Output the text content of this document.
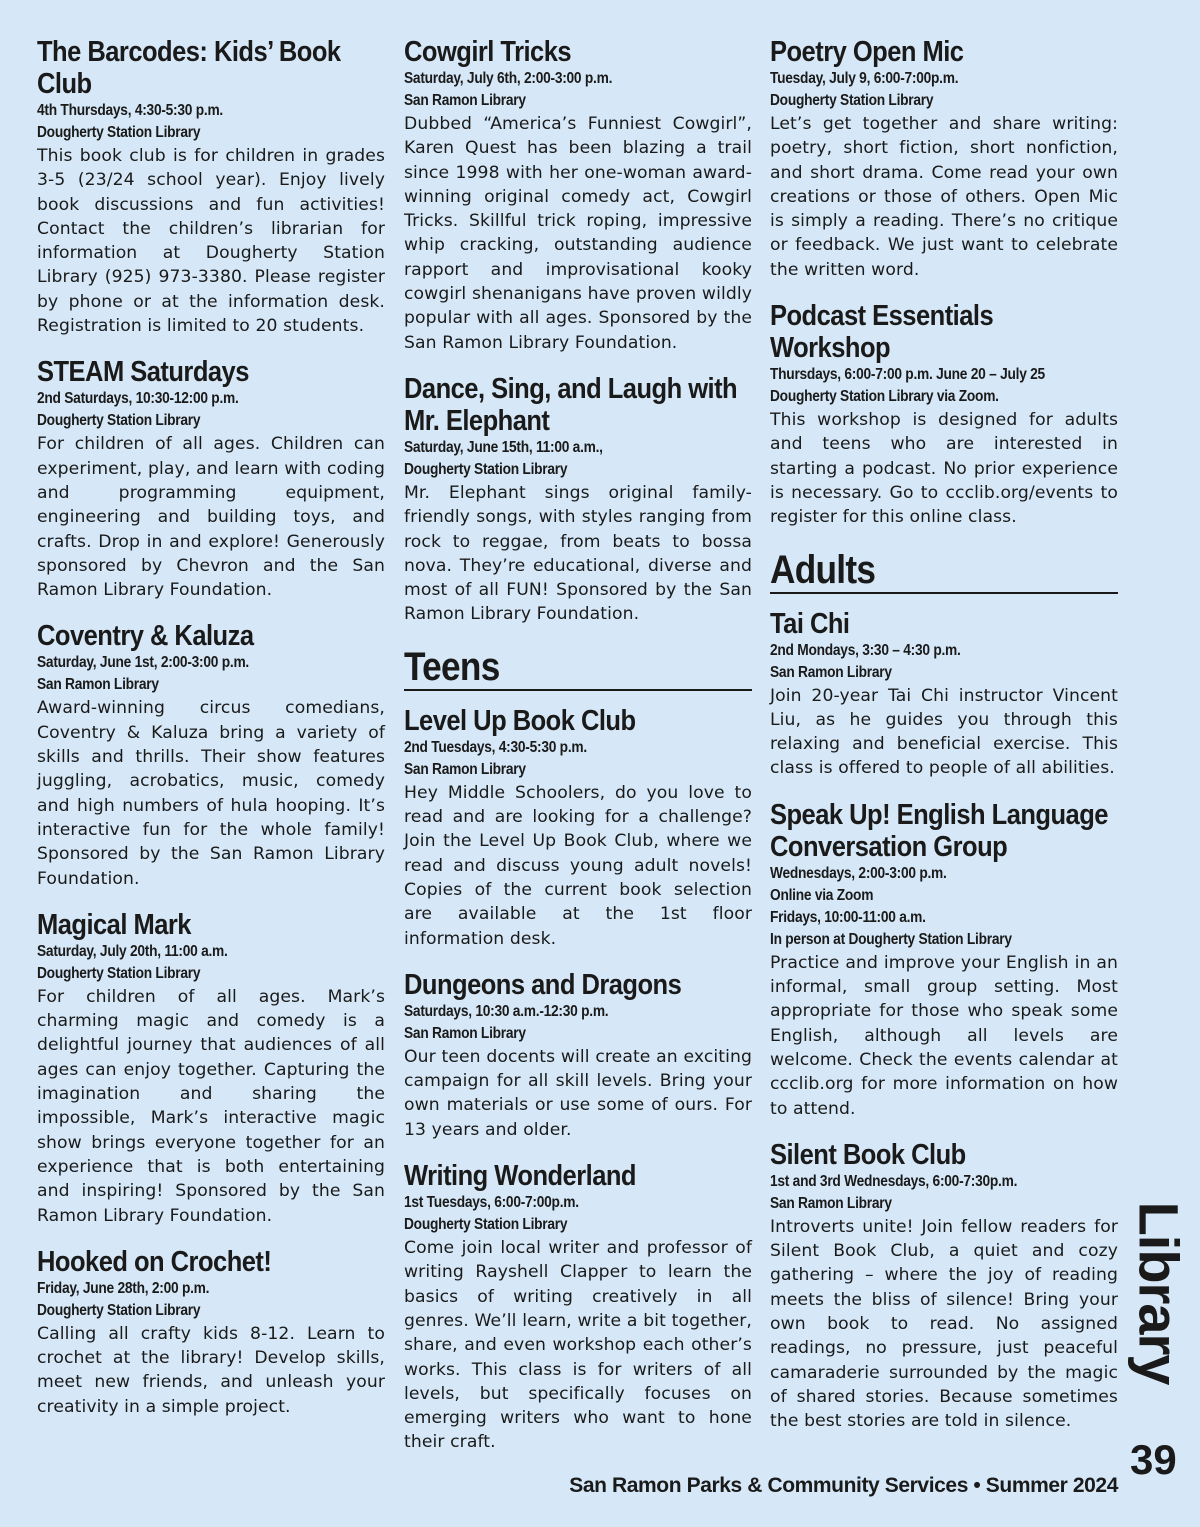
The Barcodes: Kids’ Book Club
4th Thursdays, 4:30-5:30 p.m.
Dougherty Station Library

This book club is for children in grades 3-5 (23/24 school year). Enjoy lively book discussions and fun activities! Contact the children’s librarian for information at Dougherty Station Library (925) 973-3380. Please register by phone or at the information desk. Registration is limited to 20 students.

STEAM Saturdays
2nd Saturdays, 10:30-12:00 p.m.
Dougherty Station Library

For children of all ages. Children can experiment, play, and learn with coding and programming equipment, engineering and building toys, and crafts. Drop in and explore! Generously sponsored by Chevron and the San Ramon Library Foundation.

Coventry & Kaluza
Saturday, June 1st, 2:00-3:00 p.m.
San Ramon Library

Award-winning circus comedians, Coventry & Kaluza bring a variety of skills and thrills. Their show features juggling, acrobatics, music, comedy and high numbers of hula hooping. It’s interactive fun for the whole family! Sponsored by the San Ramon Library Foundation.

Magical Mark
Saturday, July 20th, 11:00 a.m.
Dougherty Station Library

For children of all ages. Mark’s charming magic and comedy is a delightful journey that audiences of all ages can enjoy together. Capturing the imagination and sharing the impossible, Mark’s interactive magic show brings everyone together for an experience that is both entertaining and inspiring! Sponsored by the San Ramon Library Foundation.

Hooked on Crochet!
Friday, June 28th, 2:00 p.m.
Dougherty Station Library

Calling all crafty kids 8-12. Learn to crochet at the library! Develop skills, meet new friends, and unleash your creativity in a simple project.

Cowgirl Tricks
Saturday, July 6th, 2:00-3:00 p.m.
San Ramon Library

Dubbed “America’s Funniest Cowgirl”, Karen Quest has been blazing a trail since 1998 with her one-woman award-winning original comedy act, Cowgirl Tricks. Skillful trick roping, impressive whip cracking, outstanding audience rapport and improvisational kooky cowgirl shenanigans have proven wildly popular with all ages. Sponsored by the San Ramon Library Foundation.

Dance, Sing, and Laugh with Mr. Elephant
Saturday, June 15th, 11:00 a.m.,
Dougherty Station Library

Mr. Elephant sings original family-friendly songs, with styles ranging from rock to reggae, from beats to bossa nova. They’re educational, diverse and most of all FUN! Sponsored by the San Ramon Library Foundation.

Teens
Level Up Book Club
2nd Tuesdays, 4:30-5:30 p.m.
San Ramon Library

Hey Middle Schoolers, do you love to read and are looking for a challenge? Join the Level Up Book Club, where we read and discuss young adult novels! Copies of the current book selection are available at the 1st floor information desk.

Dungeons and Dragons
Saturdays, 10:30 a.m.-12:30 p.m.
San Ramon Library

Our teen docents will create an exciting campaign for all skill levels. Bring your own materials or use some of ours. For 13 years and older.

Writing Wonderland
1st Tuesdays, 6:00-7:00p.m.
Dougherty Station Library

Come join local writer and professor of writing Rayshell Clapper to learn the basics of writing creatively in all genres. We’ll learn, write a bit together, share, and even workshop each other’s works. This class is for writers of all levels, but specifically focuses on emerging writers who want to hone their craft.

Poetry Open Mic
Tuesday, July 9, 6:00-7:00p.m.
Dougherty Station Library

Let’s get together and share writing: poetry, short fiction, short nonfiction, and short drama. Come read your own creations or those of others. Open Mic is simply a reading. There’s no critique or feedback. We just want to celebrate the written word.

Podcast Essentials Workshop
Thursdays, 6:00-7:00 p.m. June 20 – July 25
Dougherty Station Library via Zoom.

This workshop is designed for adults and teens who are interested in starting a podcast. No prior experience is necessary. Go to ccclib.org/events to register for this online class.

Adults
Tai Chi
2nd Mondays, 3:30 – 4:30 p.m.
San Ramon Library

Join 20-year Tai Chi instructor Vincent Liu, as he guides you through this relaxing and beneficial exercise. This class is offered to people of all abilities.

Speak Up! English Language Conversation Group
Wednesdays, 2:00-3:00 p.m.
Online via Zoom
Fridays, 10:00-11:00 a.m.
In person at Dougherty Station Library

Practice and improve your English in an informal, small group setting. Most appropriate for those who speak some English, although all levels are welcome. Check the events calendar at ccclib.org for more information on how to attend.

Silent Book Club
1st and 3rd Wednesdays, 6:00-7:30p.m.
San Ramon Library

Introverts unite! Join fellow readers for Silent Book Club, a quiet and cozy gathering – where the joy of reading meets the bliss of silence! Bring your own book to read. No assigned readings, no pressure, just peaceful camaraderie surrounded by the magic of shared stories. Because sometimes the best stories are told in silence.

Library
39
San Ramon Parks & Community Services • Summer 2024
